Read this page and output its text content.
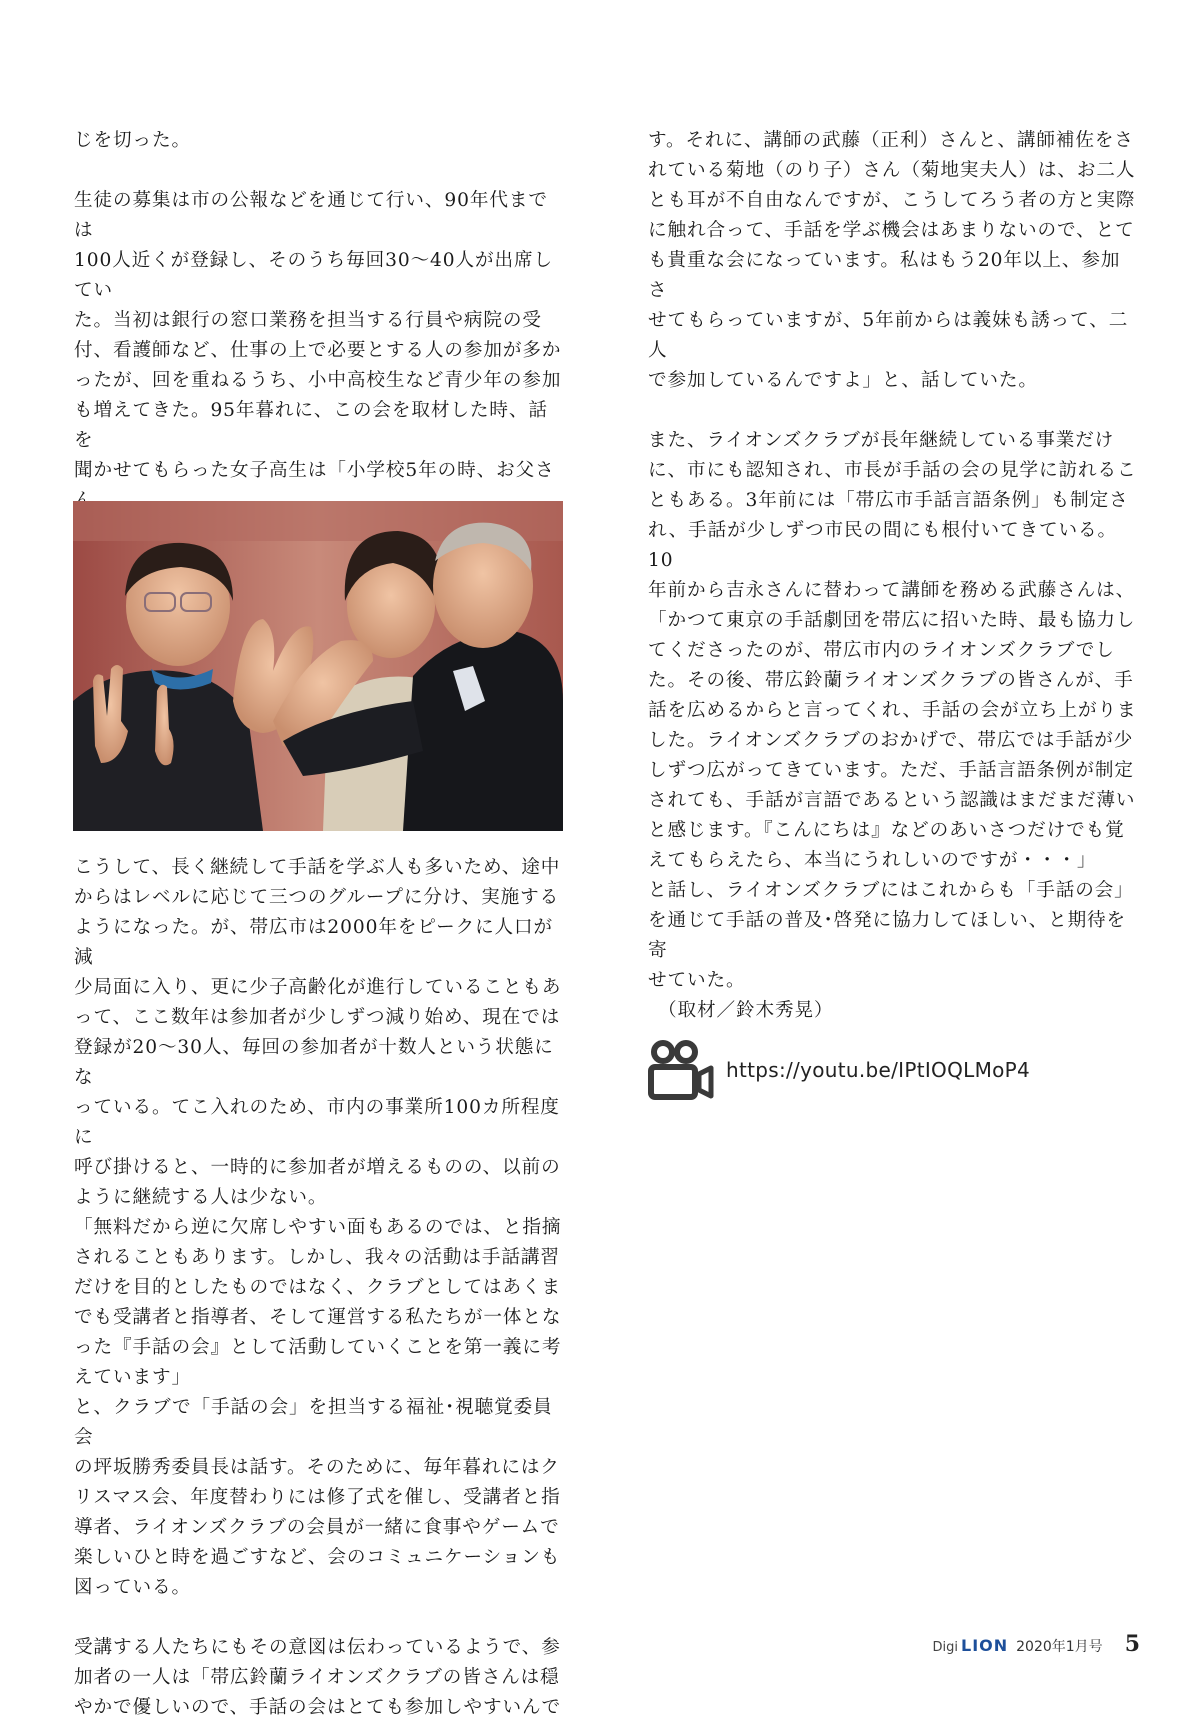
じを切った。

生徒の募集は市の公報などを通じて行い、90年代までは

100人近くが登録し、そのうち毎回30〜40人が出席してい

た。当初は銀行の窓口業務を担当する行員や病院の受

付、看護師など、仕事の上で必要とする人の参加が多か

ったが、回を重ねるうち、小中高校生など青少年の参加

も増えてきた。95年暮れに、この会を取材した時、話を

聞かせてもらった女子高生は「小学校5年の時、お父さ

こうして、長く継続して手話を学ぶ人も多いため、途中

からはレベルに応じて三つのグループに分け、実施する

ようになった。が、帯広市は2000年をピークに人口が減

少局面に入り、更に少子高齢化が進行していることもあ

って、ここ数年は参加者が少しずつ減り始め、現在では

登録が20〜30人、毎回の参加者が十数人という状態にな

っている。てこ入れのため、市内の事業所100カ所程度に

呼び掛けると、一時的に参加者が増えるものの、以前の

ように継続する人は少ない。

「無料だから逆に欠席しやすい面もあるのでは、と指摘

されることもあります。しかし、我々の活動は手話講習

だけを目的としたものではなく、クラブとしてはあくま

でも受講者と指導者、そして運営する私たちが一体とな

った『手話の会』として活動していくことを第一義に考

えています」

と、クラブで「手話の会」を担当する福祉･視聴覚委員会

の坪坂勝秀委員長は話す。そのために、毎年暮れにはク

リスマス会、年度替わりには修了式を催し、受講者と指

導者、ライオンズクラブの会員が一緒に食事やゲームで

楽しいひと時を過ごすなど、会のコミュニケーションも

図っている。

受講する人たちにもその意図は伝わっているようで、参

加者の一人は「帯広鈴蘭ライオンズクラブの皆さんは穏

やかで優しいので、手話の会はとても参加しやすいんで

す。それに、講師の武藤（正利）さんと、講師補佐をさ

れている菊地（のり子）さん（菊地実夫人）は、お二人

とも耳が不自由なんですが、こうしてろう者の方と実際

に触れ合って、手話を学ぶ機会はあまりないので、とて

も貴重な会になっています。私はもう20年以上、参加さ

せてもらっていますが、5年前からは義妹も誘って、二人

で参加しているんですよ」と、話していた。

また、ライオンズクラブが長年継続している事業だけ

に、市にも認知され、市長が手話の会の見学に訪れるこ

ともある。3年前には「帯広市手話言語条例」も制定さ

れ、手話が少しずつ市民の間にも根付いてきている。10

年前から吉永さんに替わって講師を務める武藤さんは、

「かつて東京の手話劇団を帯広に招いた時、最も協力し

てくださったのが、帯広市内のライオンズクラブでし

た。その後、帯広鈴蘭ライオンズクラブの皆さんが、手

話を広めるからと言ってくれ、手話の会が立ち上がりま

した。ライオンズクラブのおかげで、帯広では手話が少

しずつ広がってきています。ただ、手話言語条例が制定

されても、手話が言語であるという認識はまだまだ薄い

と感じます。『こんにちは』などのあいさつだけでも覚

えてもらえたら、本当にうれしいのですが・・・」

と話し、ライオンズクラブにはこれからも「手話の会」

を通じて手話の普及･啓発に協力してほしい、と期待を寄

せていた。

（取材／鈴木秀晃）

https://youtu.be/IPtIOQLMoP4
Digi LION 2020年1月号 5
